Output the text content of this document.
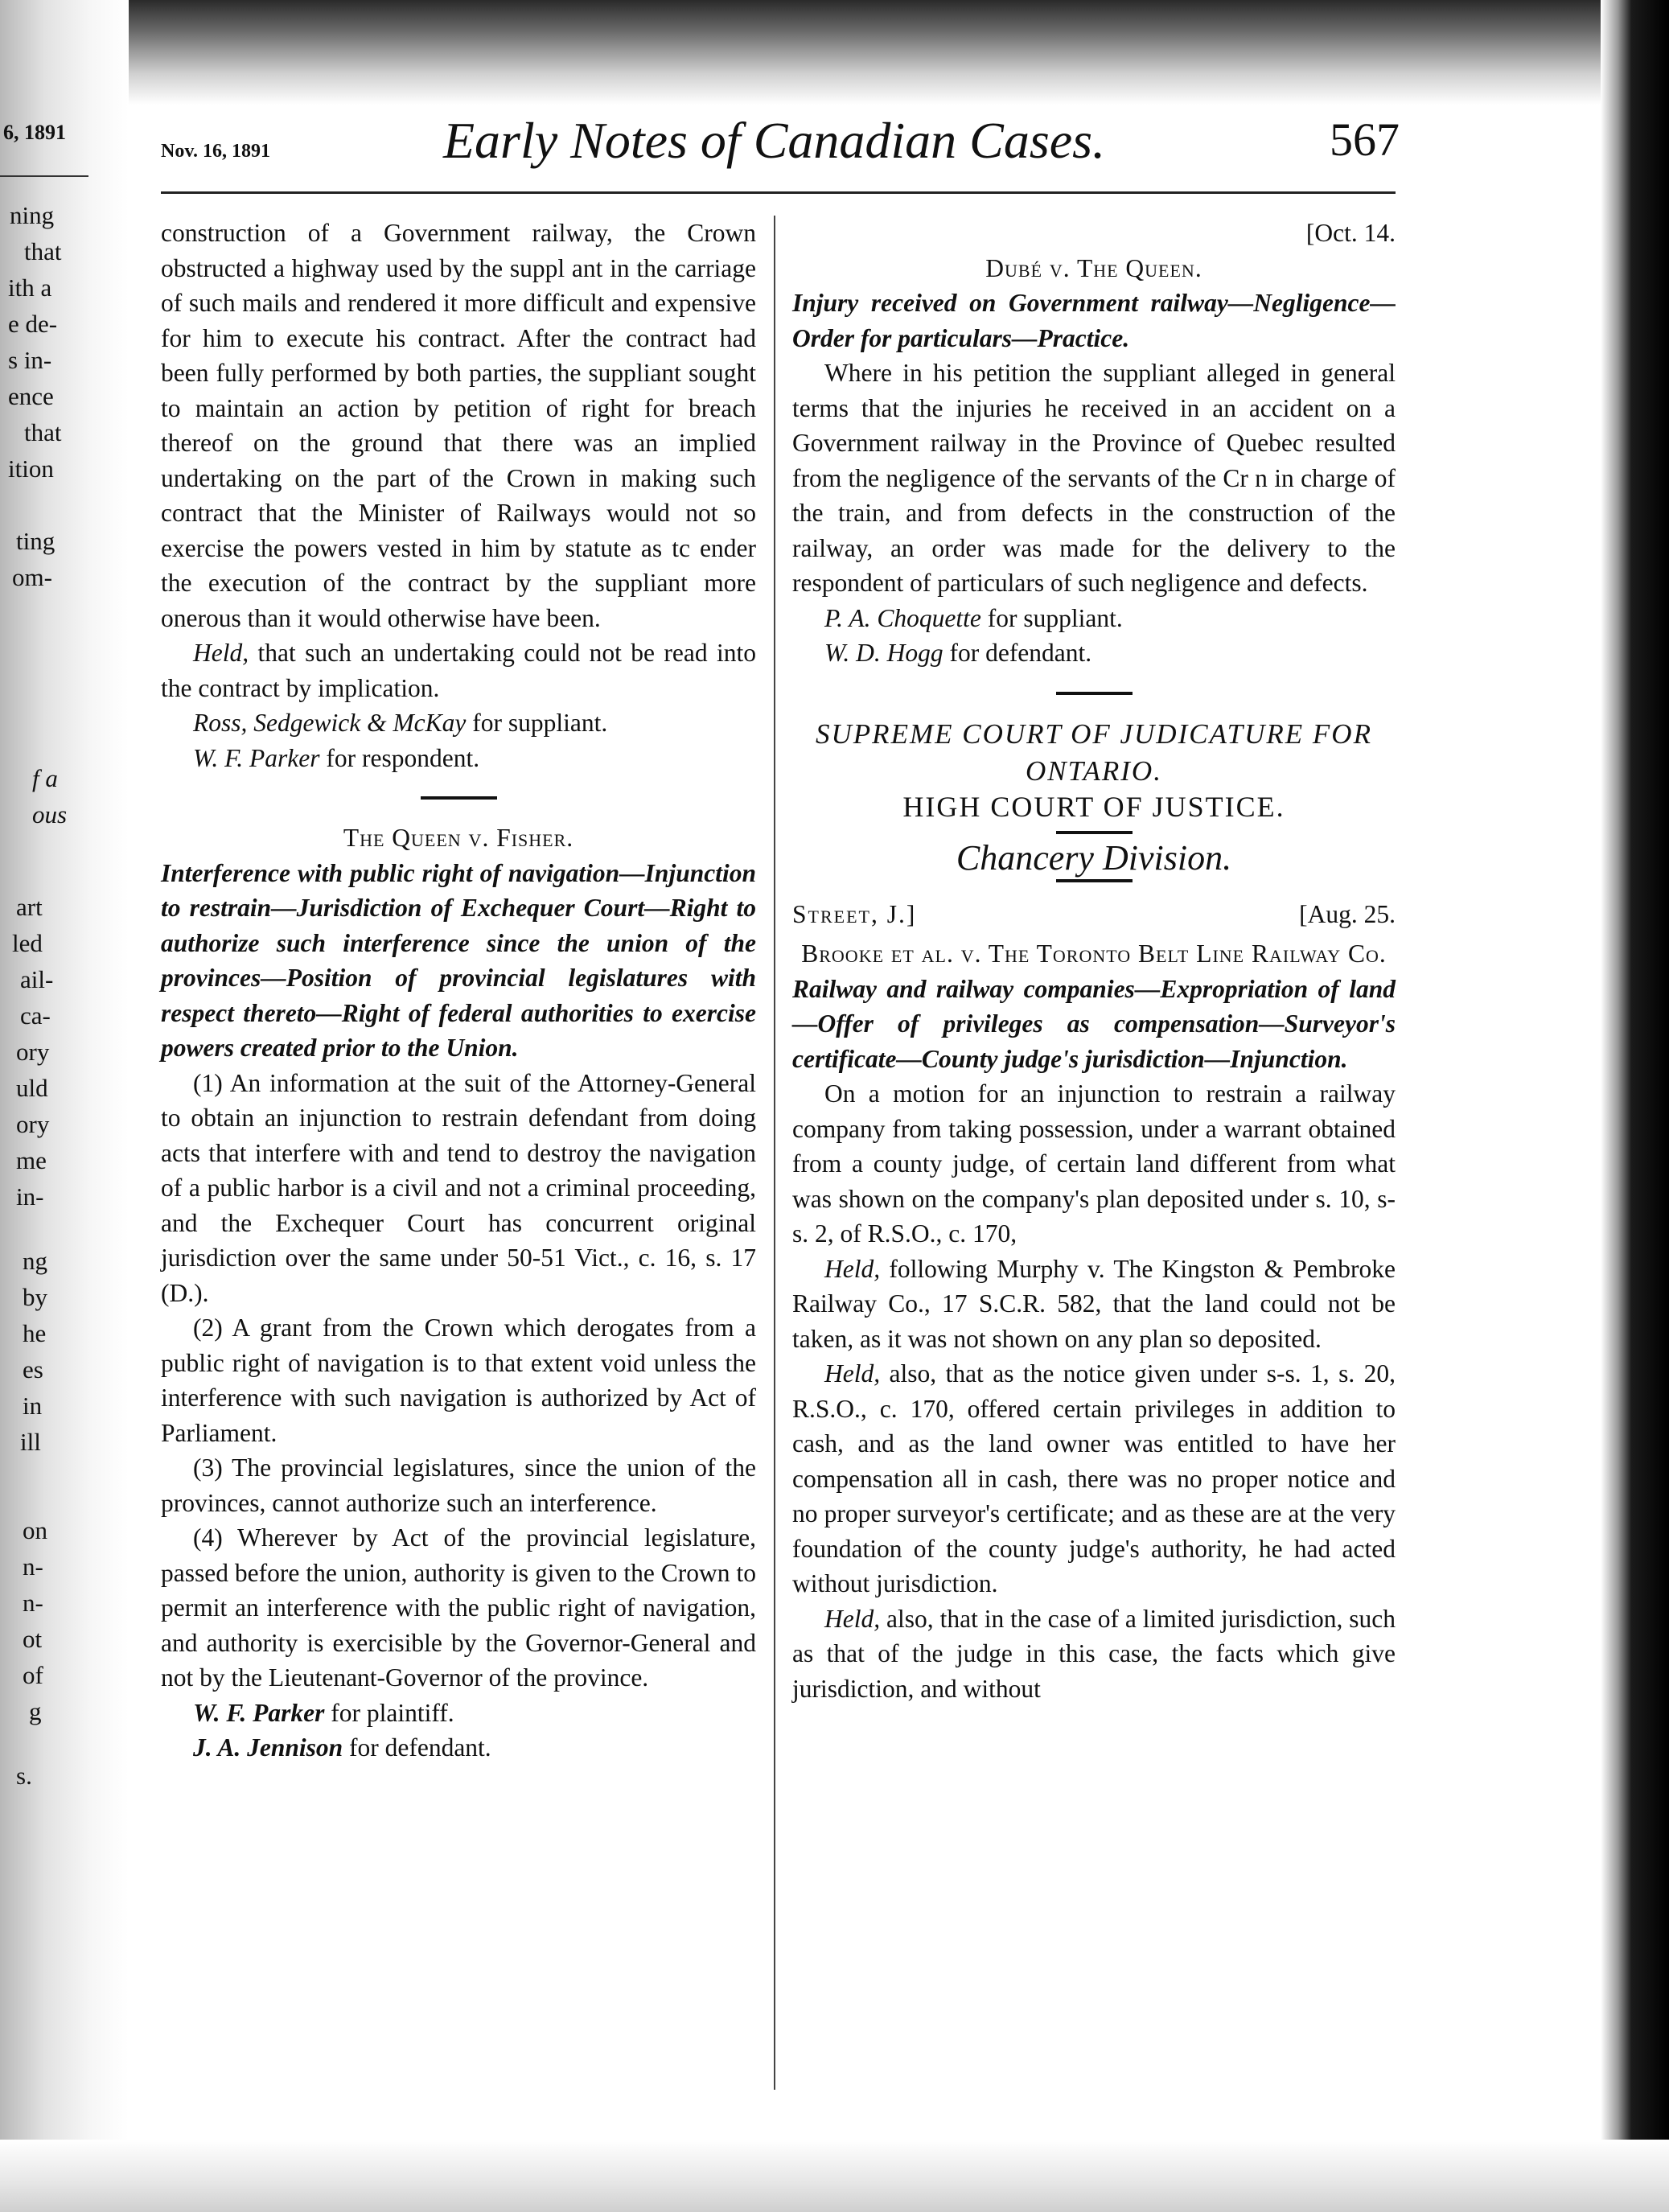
6, 1891
ning
that
ith a
e de-
s in-
ence
that
ition
ting
om-
f a
ous
art
led
ail-
ca-
ory
uld
ory
me
in-
ng
by
he
es
in
ill
on
n-
n-
ot
of
g
s.
Nov. 16, 1891	Early Notes of Canadian Cases.	567

construction of a Government railway, the Crown obstructed a highway used by the suppl ant in the carriage of such mails and rendered it more difficult and expensive for him to execute his contract. After the contract had been fully performed by both parties, the suppliant sought to maintain an action by petition of right for breach thereof on the ground that there was an implied undertaking on the part of the Crown in making such contract that the Minister of Railways would not so exercise the powers vested in him by statute as tc ender the execution of the contract by the suppliant more onerous than it would otherwise have been.

Held, that such an undertaking could not be read into the contract by implication.

Ross, Sedgewick & McKay for suppliant.

W. F. Parker for respondent.

The Queen v. Fisher.

Interference with public right of navigation—Injunction to restrain—Jurisdiction of Exchequer Court—Right to authorize such interference since the union of the provinces—Position of provincial legislatures with respect thereto—Right of federal authorities to exercise powers created prior to the Union.

(1) An information at the suit of the Attorney-General to obtain an injunction to restrain defendant from doing acts that interfere with and tend to destroy the navigation of a public harbor is a civil and not a criminal proceeding, and the Exchequer Court has concurrent original jurisdiction over the same under 50-51 Vict., c. 16, s. 17 (D.).

(2) A grant from the Crown which derogates from a public right of navigation is to that extent void unless the interference with such navigation is authorized by Act of Parliament.

(3) The provincial legislatures, since the union of the provinces, cannot authorize such an interference.

(4) Wherever by Act of the provincial legislature, passed before the union, authority is given to the Crown to permit an interference with the public right of navigation, and authority is exercisible by the Governor-General and not by the Lieutenant-Governor of the province.

W. F. Parker for plaintiff.

J. A. Jennison for defendant.

[Oct. 14.

Dubé v. The Queen.

Injury received on Government railway—Negligence—Order for particulars—Practice.

Where in his petition the suppliant alleged in general terms that the injuries he received in an accident on a Government railway in the Province of Quebec resulted from the negligence of the servants of the Cr n in charge of the train, and from defects in the construction of the railway, an order was made for the delivery to the respondent of particulars of such negligence and defects.

P. A. Choquette for suppliant.

W. D. Hogg for defendant.

SUPREME COURT OF JUDICATURE FOR ONTARIO.

HIGH COURT OF JUSTICE.

Chancery Division.

Street, J.]	[Aug. 25.

Brooke et al. v. The Toronto Belt Line Railway Co.

Railway and railway companies—Expropriation of land—Offer of privileges as compensation—Surveyor's certificate—County judge's jurisdiction—Injunction.

On a motion for an injunction to restrain a railway company from taking possession, under a warrant obtained from a county judge, of certain land different from what was shown on the company's plan deposited under s. 10, s-s. 2, of R.S.O., c. 170,

Held, following Murphy v. The Kingston & Pembroke Railway Co., 17 S.C.R. 582, that the land could not be taken, as it was not shown on any plan so deposited.

Held, also, that as the notice given under s-s. 1, s. 20, R.S.O., c. 170, offered certain privileges in addition to cash, and as the land owner was entitled to have her compensation all in cash, there was no proper notice and no proper surveyor's certificate; and as these are at the very foundation of the county judge's authority, he had acted without jurisdiction.

Held, also, that in the case of a limited jurisdiction, such as that of the judge in this case, the facts which give jurisdiction, and without
